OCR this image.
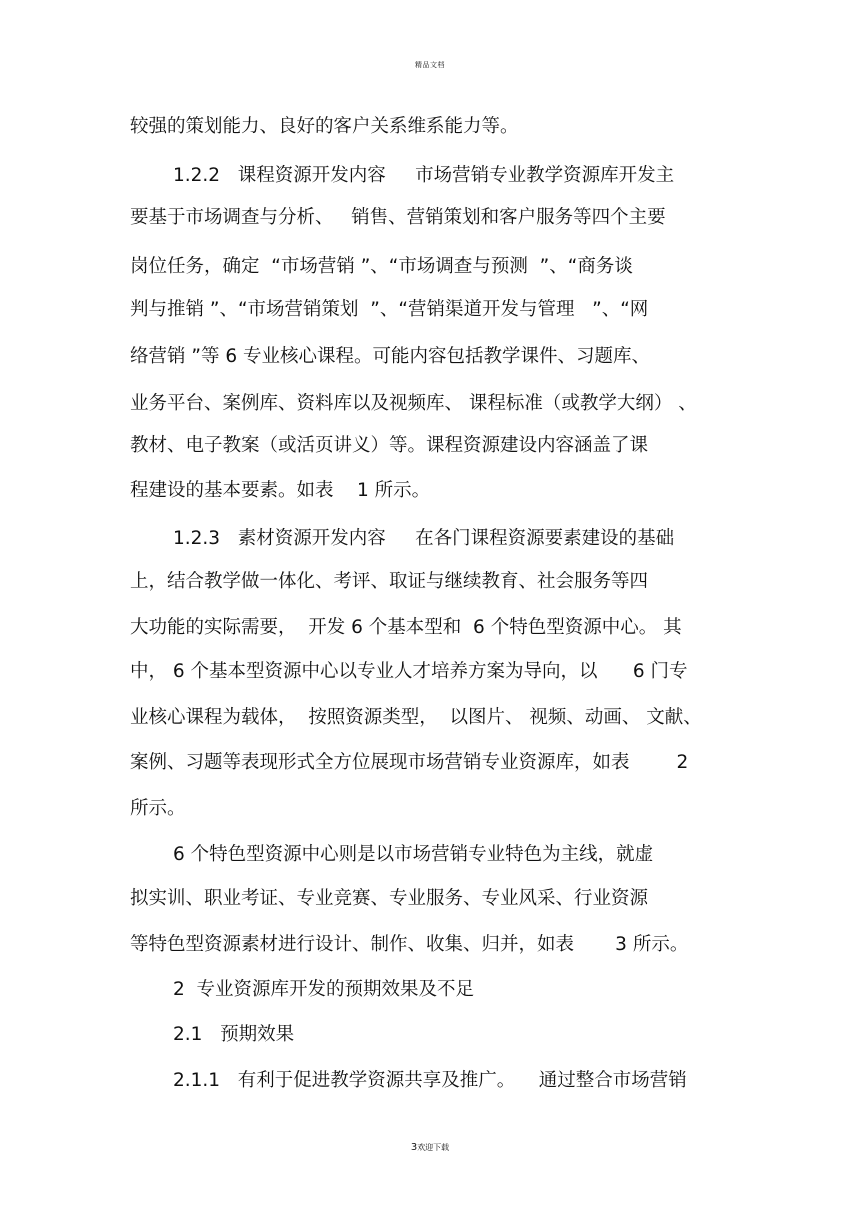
精品文档
较强的策划能力、良好的客户关系维系能力等。
1.2.2   课程资源开发内容     市场营销专业教学资源库开发主
要基于市场调查与分析、   销售、营销策划和客户服务等四个主要
岗位任务，确定  “市场营销 ”、“市场调查与预测  ”、“商务谈
判与推销 ”、“市场营销策划  ”、“营销渠道开发与管理   ”、“网
络营销 ”等 6 专业核心课程。可能内容包括教学课件、习题库、
业务平台、案例库、资料库以及视频库、 课程标准（或教学大纲） 、
教材、电子教案（或活页讲义）等。课程资源建设内容涵盖了课
程建设的基本要素。如表    1 所示。
1.2.3   素材资源开发内容     在各门课程资源要素建设的基础
上，结合教学做一体化、考评、取证与继续教育、社会服务等四
大功能的实际需要，  开发 6 个基本型和  6 个特色型资源中心。 其
中， 6 个基本型资源中心以专业人才培养方案为导向，以      6 门专
业核心课程为载体，  按照资源类型，  以图片、 视频、动画、 文献、
案例、习题等表现形式全方位展现市场营销专业资源库，如表        2
所示。
6 个特色型资源中心则是以市场营销专业特色为主线，就虚
拟实训、职业考证、专业竞赛、专业服务、专业风采、行业资源
等特色型资源素材进行设计、制作、收集、归并，如表       3 所示。
2  专业资源库开发的预期效果及不足
2.1   预期效果
2.1.1   有利于促进教学资源共享及推广。    通过整合市场营销
3欢迎下载
